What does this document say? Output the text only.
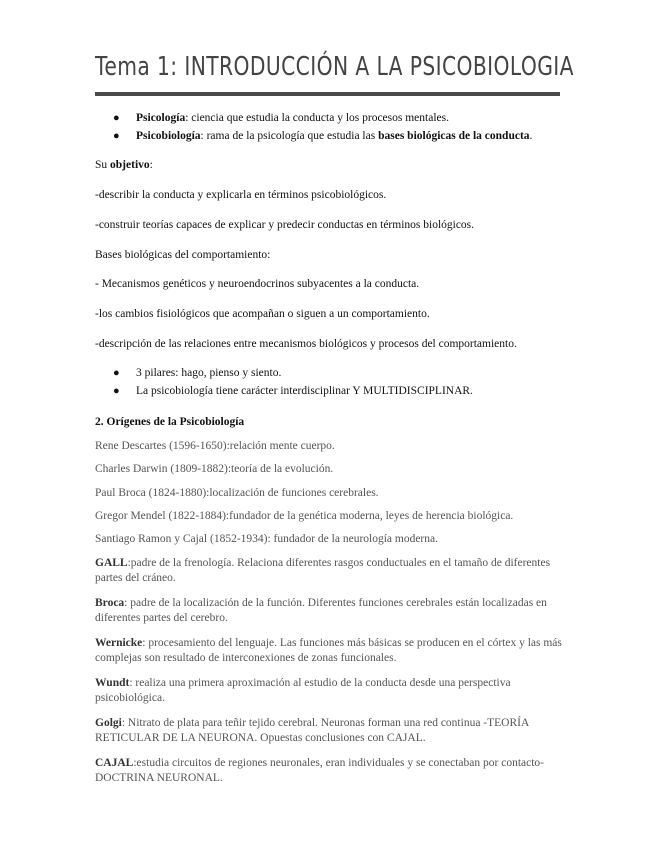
Tema 1: INTRODUCCIÓN A LA PSICOBIOLOGIA
● Psicología: ciencia que estudia la conducta y los procesos mentales.
● Psicobiología: rama de la psicología que estudia las bases biológicas de la conducta.
Su objetivo:
-describir la conducta y explicarla en términos psicobiológicos.
-construir teorías capaces de explicar y predecir conductas en términos biológicos.
Bases biológicas del comportamiento:
- Mecanismos genéticos y neuroendocrinos subyacentes a la conducta.
-los cambios fisiológicos que acompañan o siguen a un comportamiento.
-descripción de las relaciones entre mecanismos biológicos y procesos del comportamiento.
● 3 pilares: hago, pienso y siento.
● La psicobiología tiene carácter interdisciplinar Y MULTIDISCIPLINAR.
2. Orígenes de la Psicobiología
Rene Descartes (1596-1650):relación mente cuerpo.
Charles Darwin (1809-1882):teoría de la evolución.
Paul Broca (1824-1880):localización de funciones cerebrales.
Gregor Mendel (1822-1884):fundador de la genética moderna, leyes de herencia biológica.
Santiago Ramon y Cajal (1852-1934): fundador de la neurología moderna.
GALL:padre de la frenología. Relaciona diferentes rasgos conductuales en el tamaño de diferentes partes del cráneo.
Broca: padre de la localización de la función. Diferentes funciones cerebrales están localizadas en diferentes partes del cerebro.
Wernicke: procesamiento del lenguaje. Las funciones más básicas se producen en el córtex y las más complejas son resultado de interconexiones de zonas funcionales.
Wundt: realiza una primera aproximación al estudio de la conducta desde una perspectiva psicobiológica.
Golgi: Nitrato de plata para teñir tejido cerebral. Neuronas forman una red continua -TEORÍA RETICULAR DE LA NEURONA. Opuestas conclusiones con CAJAL.
CAJAL:estudia circuitos de regiones neuronales, eran individuales y se conectaban por contacto-DOCTRINA NEURONAL.
